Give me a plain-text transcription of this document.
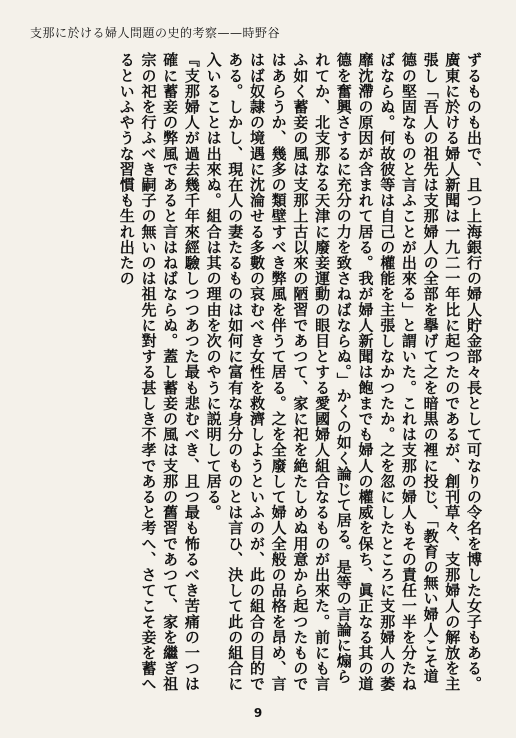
支那に於ける婦人問題の史的考察——時野谷

ずるものも出で、且つ上海銀行の婦人貯金部々長として可なりの令名を博した女子もある。

廣東に於ける婦人新聞は一九二一年比に起つたのであるが、創刊草々、支那婦人の解放を主張し「吾人の祖先は支那婦人の全部を擧げて之を暗黒の裡に投じ、「教育の無い婦人こそ道德の堅固なものと言ふことが出來る」と謂いた。これは支那の婦人もその責任一半を分たねばならぬ。何故彼等は自己の權能を主張しなかつたか。之を忽にしたところに支那婦人の萎靡沈滯の原因が含まれて居る。我が婦人新聞は飽までも婦人の權威を保ち、眞正なる其の道德を奮興さするに充分の力を致さねばならぬ。」かくの如く論じて居る。是等の言論に煽られてか、北支那なる天津に廢妾運動の眼目とする愛國婦人組合なるものが出來た。前にも言ふ如く蓄妾の風は支那上古以來の陋習であつて、家に祀を絶たしめぬ用意から起つたものではあらうか、幾多の類壁すべき弊風を伴うて居る。之を全廢して婦人全般の品格を昂め、言はば奴隷の境遇に沈淪せる多數の哀むべき女性を救濟しようといふのが、此の組合の目的である。しかし、現在人の妻たるものは如何に富有な身分のものとは言ひ、決して此の組合に入いることは出來ぬ。組合は其の理由を次のやうに説明して居る。

『支那婦人が過去幾千年來經驗しつつあつた最も悲むべき、且つ最も怖るべき苦痛の一つは確に蓄妾の弊風であると言はねばならぬ。蓋し蓄妾の風は支那の舊習であつて、家を繼ぎ祖宗の祀を行ふべき嗣子の無いのは祖先に對する甚しき不孝であると考へ、さてこそ妾を蓄へるといふやうな習慣も生れ出たの

9
